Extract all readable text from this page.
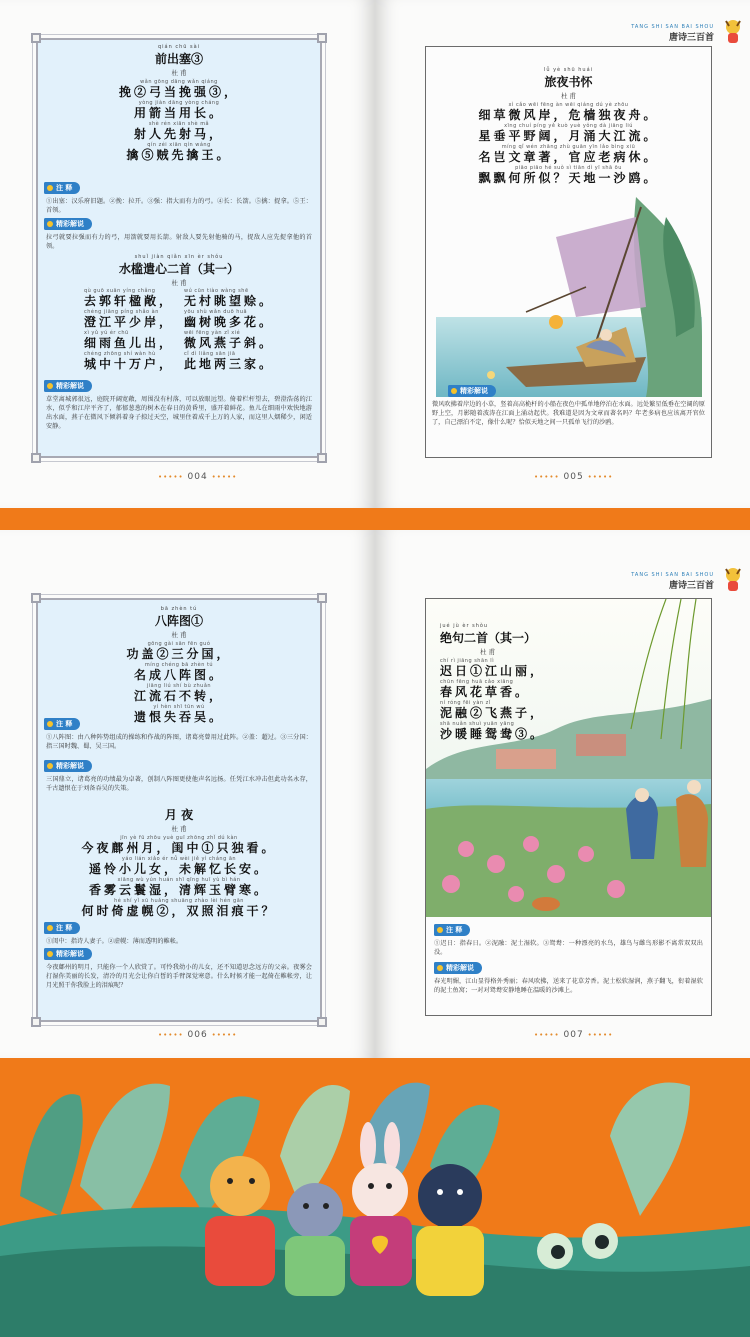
qián chū sài
前出塞③
杜 甫
wǎn gōng dāng wǎn qiáng
挽②弓当挽强③，
yòng jiàn dāng yòng cháng
用箭当用长。
shè rén xiān shè mǎ
射人先射马，
qín zéi xiān qín wáng
擒⑤贼先擒王。
注 释
①出塞：汉乐府旧题。②挽：拉开。③强：指大而有力的弓。④长：长箭。⑤擒：捉拿。⑤王：首领。
精彩解说
拉弓就要拉强而有力的弓，用箭就要用长箭。射敌人要先射他骑的马，捉敌人应先捉拿他的首领。
shuǐ jiàn qiǎn xīn èr shǒu
水槛遣心二首（其一）
杜 甫
qù guō xuān yíng chǎng
去郭轩楹敞，
wú cūn tiào wàng shē
无村眺望赊。
chéng jiāng píng shǎo àn
澄江平少岸，
yōu shù wǎn duō huā
幽树晚多花。
xì yǔ yú ér chū
细雨鱼儿出，
wēi fēng yàn zǐ xié
微风燕子斜。
chéng zhōng shí wàn hù
城中十万户，
cǐ dì liǎng sān jiā
此地两三家。
精彩解说
草堂离城郭很远，庭院开阔宽敞，周围没有村落，可以放眼远望。倚着栏杆望去，碧澄浩荡的江水，似乎和江岸平齐了，郁郁葱葱的树木在春日的黄昏里，盛开着鲜花。鱼儿在细雨中欢快地游出水面，燕子在微风下倾斜着身子掠过天空，城里住着成千上万的人家，而这里人烟稀少，闲适安静。
••••• 004 •••••
TANG SHI SAN BAI SHOU
唐诗三百首
lǚ yè shū huái
旅夜书怀
杜 甫
xì cǎo wēi fēng àn wēi qiáng dú yè zhōu
细草微风岸，危樯独夜舟。
xīng chuí píng yě kuò yuè yǒng dà jiāng liú
星垂平野阔，月涌大江流。
míng qǐ wén zhāng zhù guān yīn lǎo bìng xiū
名岂文章著，官应老病休。
piāo piāo hé suǒ sì tiān dì yī shā ōu
飘飘何所似？天地一沙鸥。
精彩解说
微风吹拂着岸边的小草，竖着高高桅杆的小船在夜色中孤单地停泊在水面。远处繁星低垂在空阔的原野上空，月影随着波涛在江面上涌动起伏。我难道是因为文章而著名吗？年老多病也应该离开官位了，自己漂泊不定，像什么呢？恰似天地之间一只孤单飞行的沙鸥。
••••• 005 •••••
TANG SHI SAN BAI SHOU
唐诗三百首
bā zhèn tú
八阵图①
杜 甫
gōng gài sān fēn guó
功盖②三分国，
míng chéng bā zhèn tú
名成八阵图。
jiāng liú shí bù zhuǎn
江流石不转，
yí hèn shī tūn wú
遗恨失吞吴。
注 释
①八阵图：由八种阵势组成的操练和作战的阵图，诸葛亮曾用过此阵。②盖：超过。③三分国：指三国时魏、蜀、吴三国。
精彩解说
三国鼎立，诸葛亮的功绩最为卓著，创制八阵图更使他声名远扬。任凭江水冲击但此功名永存，千古遗恨在于刘备吞吴的失策。
月 夜
杜 甫
jīn yè fū zhōu yuè guī zhōng zhǐ dú kàn
今夜鄜州月，闺中①只独看。
yáo lián xiǎo ér nǚ wèi jiě yì cháng ān
遥怜小儿女，未解忆长安。
xiāng wù yún huán shī qīng huī yù bì hán
香雾云鬟湿，清辉玉臂寒。
hé shí yǐ xū huǎng shuāng zhào lèi hén gān
何时倚虚幌②，双照泪痕干？
注 释
①闺中：指诗人妻子。②虚幌：薄而透明的帷帐。
精彩解说
今夜鄜州的明月，只能你一个人欣赏了。可怜我幼小的儿女，还不知道思念远方的父亲。夜雾会打湿你美丽的长发，清冷的月光会让你白皙的手臂深觉寒意。什么时候才能一起倚在帷帐旁，让月光照干你我脸上的泪痕呢？
••••• 006 •••••
jué jù èr shǒu
绝句二首（其一）
杜 甫
chí rì jiāng shān lì
迟日①江山丽，
chūn fēng huā cǎo xiāng
春风花草香。
ní róng fēi yàn zǐ
泥融②飞燕子，
shā nuǎn shuì yuān yāng
沙暖睡鸳鸯③。
注 释
①迟日：指春日。②泥融：泥土湿软。③鸳鸯：一种漂亮的水鸟，雄鸟与雌鸟形影不离常双双出没。
精彩解说
春光明媚，江山显得格外秀丽；春风吹拂，送来了花草芳香。泥土松软湿润，燕子翻飞，衔着湿软的泥土鱼窝；一对对鸳鸯安静地睡在温暖的沙滩上。
••••• 007 •••••
